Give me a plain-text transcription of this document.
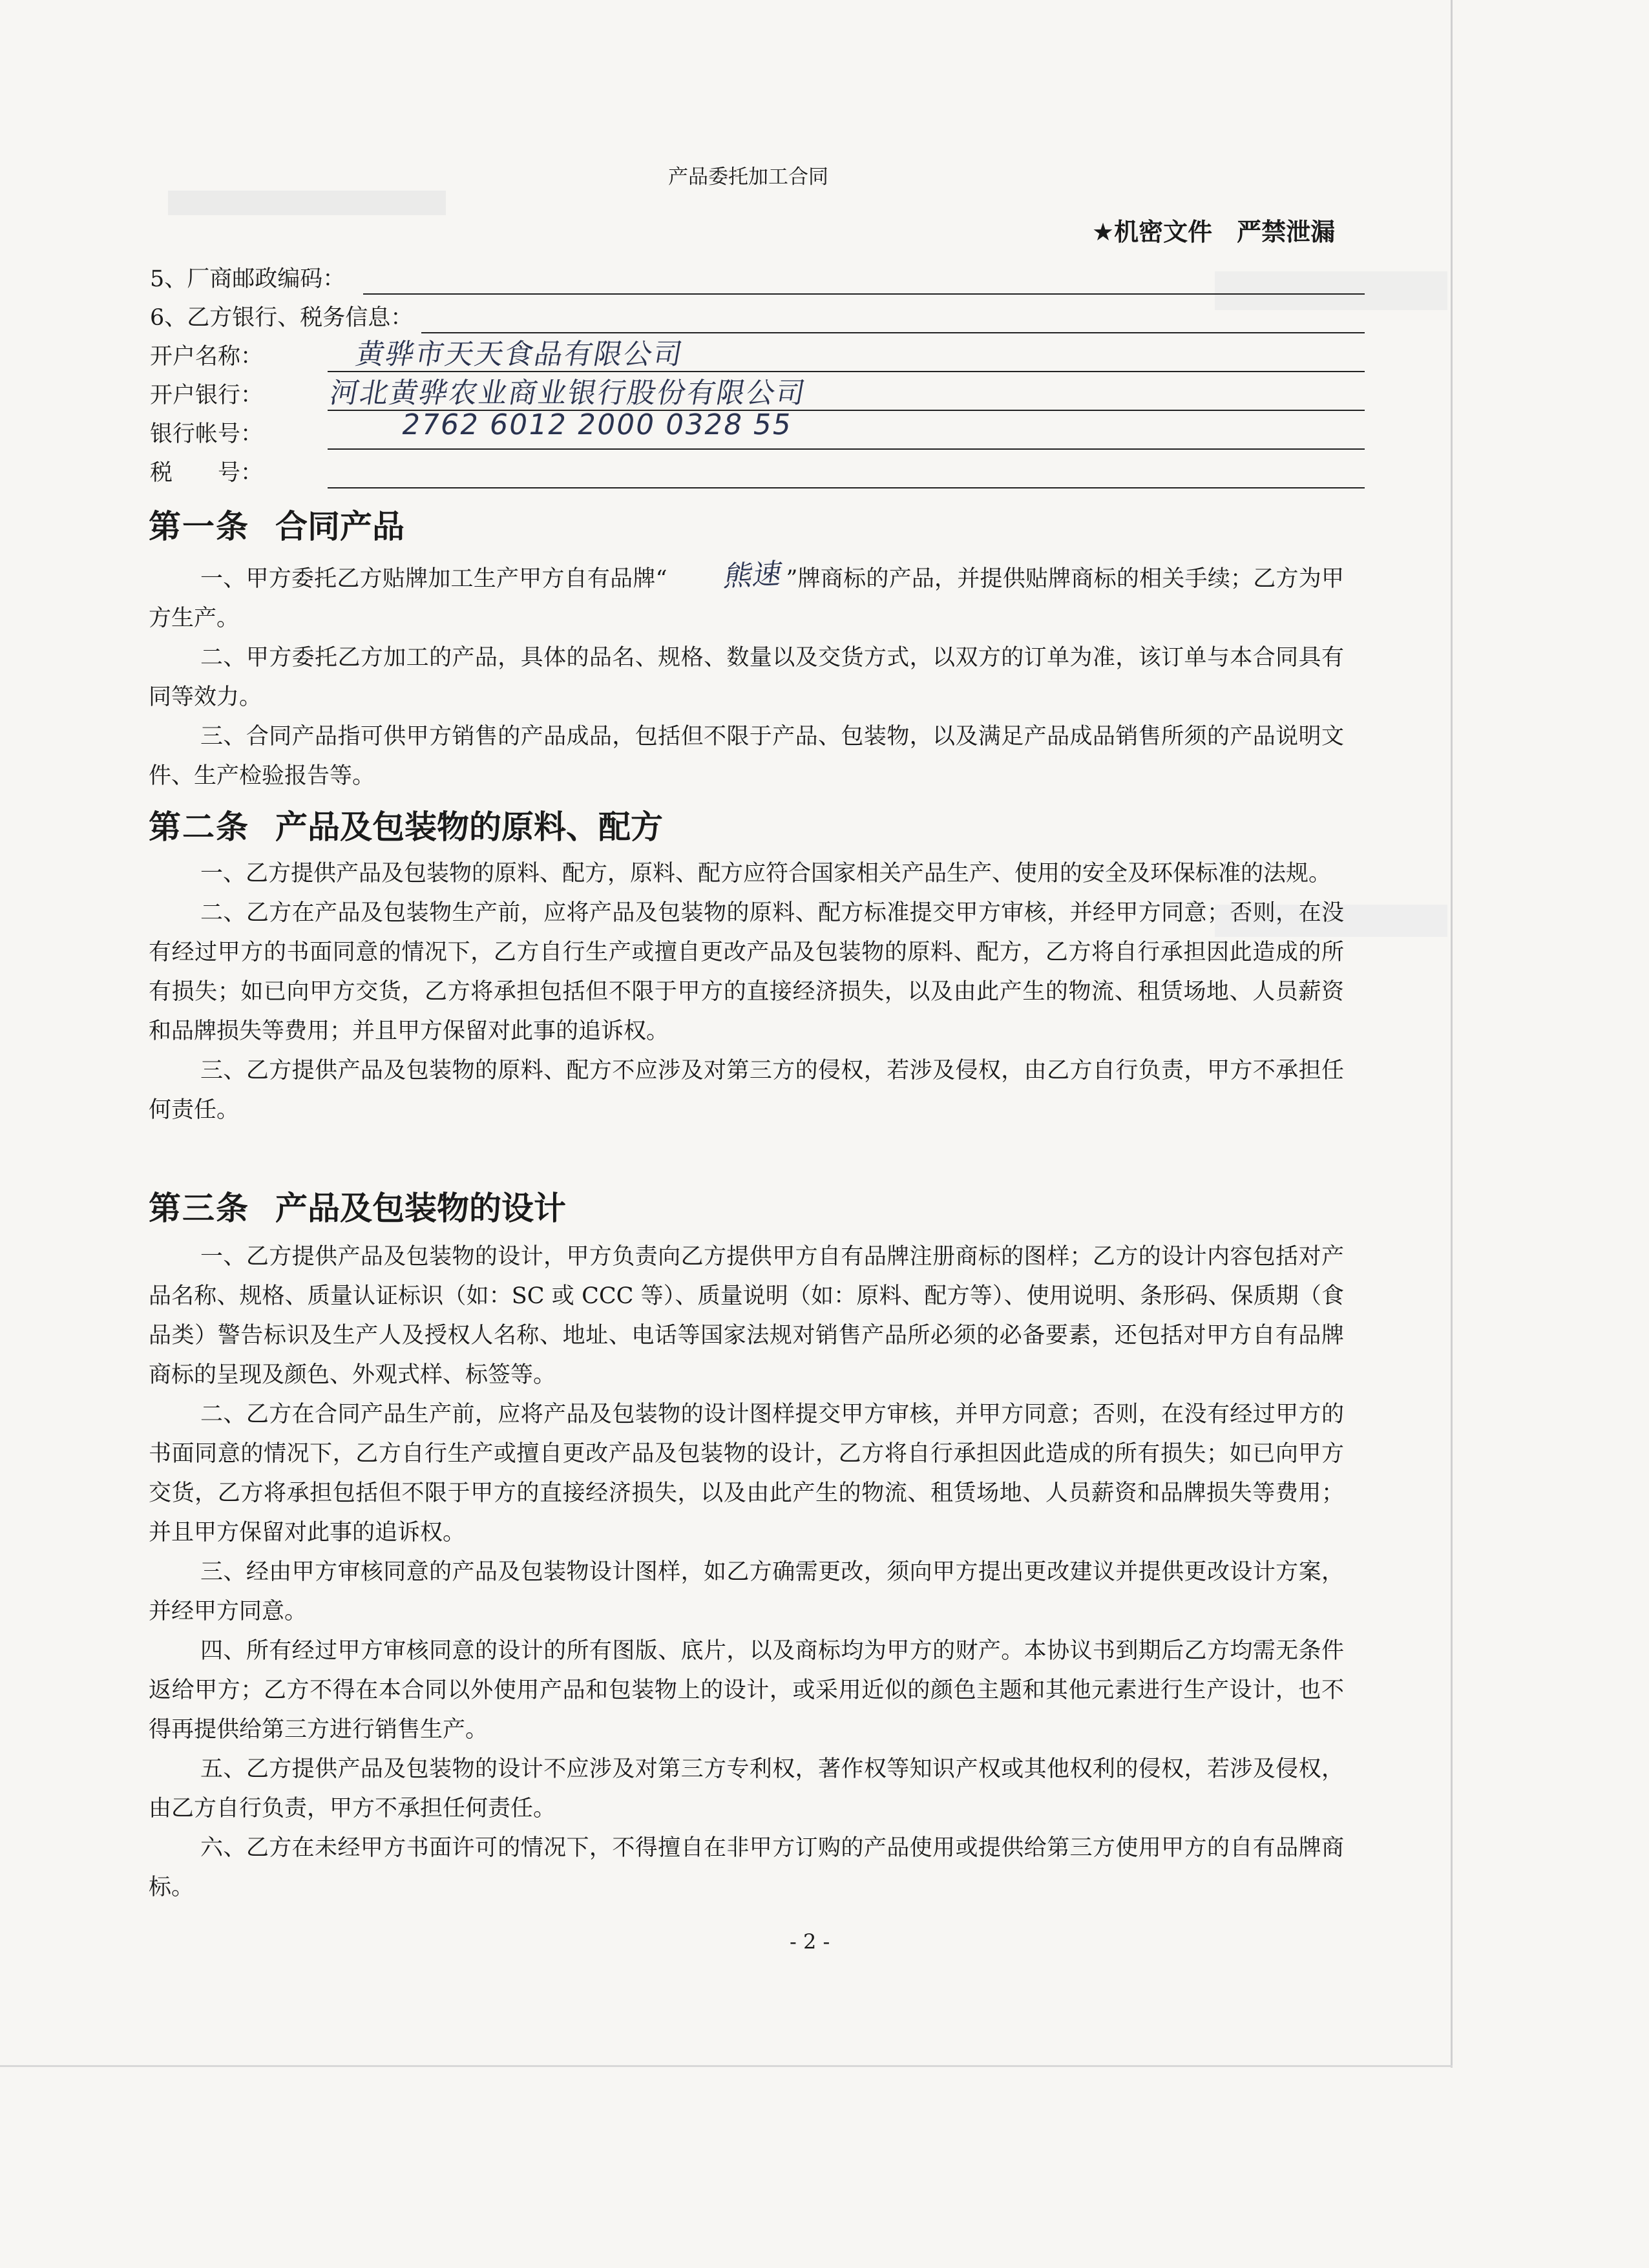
产品委托加工合同
★机密文件　严禁泄漏
5、厂商邮政编码：
6、乙方银行、税务信息：
开户名称：	黄骅市天天食品有限公司
开户银行： 河北黄骅农业商业银行股份有限公司
银行帐号：	2762 6012 2000 0328 55
税　　号：
第一条 合同产品

一、甲方委托乙方贴牌加工生产甲方自有品牌“ 熊速”牌商标的产品，并提供贴牌商标的相关手续；乙方为甲方生产。

二、甲方委托乙方加工的产品，具体的品名、规格、数量以及交货方式，以双方的订单为准，该订单与本合同具有同等效力。

三、合同产品指可供甲方销售的产品成品，包括但不限于产品、包装物，以及满足产品成品销售所须的产品说明文件、生产检验报告等。

第二条 产品及包装物的原料、配方

一、乙方提供产品及包装物的原料、配方，原料、配方应符合国家相关产品生产、使用的安全及环保标准的法规。

二、乙方在产品及包装物生产前，应将产品及包装物的原料、配方标准提交甲方审核，并经甲方同意；否则，在没有经过甲方的书面同意的情况下，乙方自行生产或擅自更改产品及包装物的原料、配方，乙方将自行承担因此造成的所有损失；如已向甲方交货，乙方将承担包括但不限于甲方的直接经济损失，以及由此产生的物流、租赁场地、人员薪资和品牌损失等费用；并且甲方保留对此事的追诉权。

三、乙方提供产品及包装物的原料、配方不应涉及对第三方的侵权，若涉及侵权，由乙方自行负责，甲方不承担任何责任。

第三条 产品及包装物的设计

一、乙方提供产品及包装物的设计，甲方负责向乙方提供甲方自有品牌注册商标的图样；乙方的设计内容包括对产品名称、规格、质量认证标识（如：SC 或 CCC 等）、质量说明（如：原料、配方等）、使用说明、条形码、保质期（食品类）警告标识及生产人及授权人名称、地址、电话等国家法规对销售产品所必须的必备要素，还包括对甲方自有品牌商标的呈现及颜色、外观式样、标签等。

二、乙方在合同产品生产前，应将产品及包装物的设计图样提交甲方审核，并甲方同意；否则，在没有经过甲方的书面同意的情况下，乙方自行生产或擅自更改产品及包装物的设计，乙方将自行承担因此造成的所有损失；如已向甲方交货，乙方将承担包括但不限于甲方的直接经济损失，以及由此产生的物流、租赁场地、人员薪资和品牌损失等费用；并且甲方保留对此事的追诉权。

三、经由甲方审核同意的产品及包装物设计图样，如乙方确需更改，须向甲方提出更改建议并提供更改设计方案，并经甲方同意。

四、所有经过甲方审核同意的设计的所有图版、底片，以及商标均为甲方的财产。本协议书到期后乙方均需无条件返给甲方；乙方不得在本合同以外使用产品和包装物上的设计，或采用近似的颜色主题和其他元素进行生产设计，也不得再提供给第三方进行销售生产。

五、乙方提供产品及包装物的设计不应涉及对第三方专利权，著作权等知识产权或其他权利的侵权，若涉及侵权，由乙方自行负责，甲方不承担任何责任。

六、乙方在未经甲方书面许可的情况下，不得擅自在非甲方订购的产品使用或提供给第三方使用甲方的自有品牌商标。

- 2 -
